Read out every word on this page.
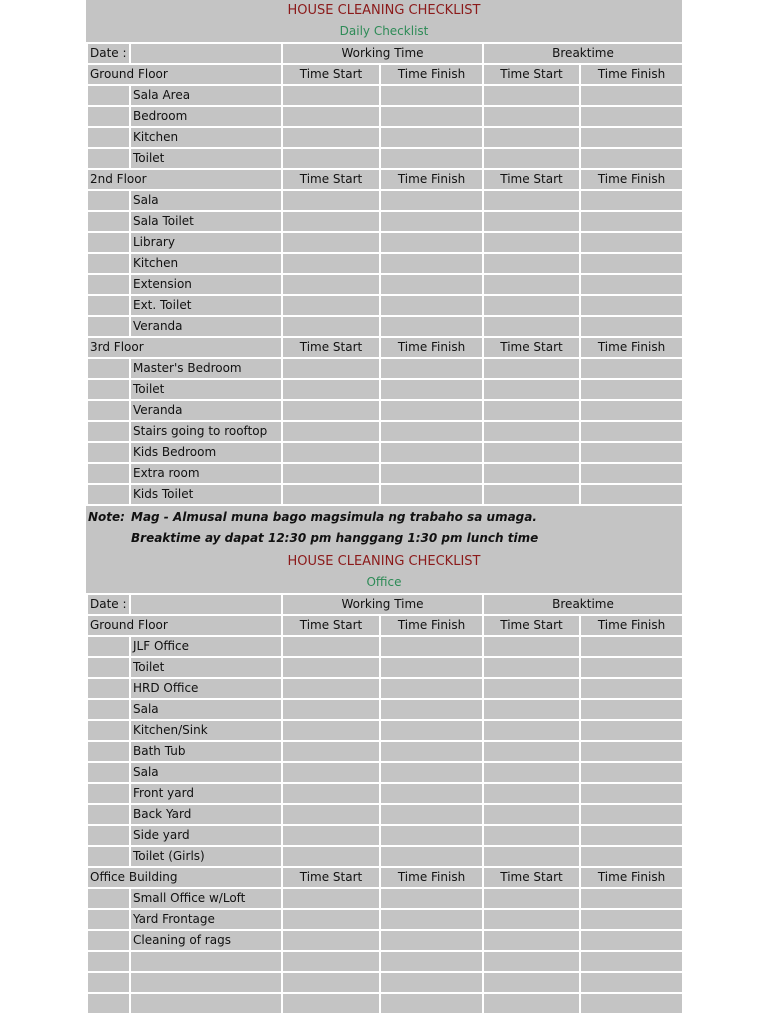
HOUSE CLEANING CHECKLIST
Daily Checklist
Date :		Working Time		Breaktime	
Ground Floor		Time Start	Time Finish	Time Start	Time Finish
	Sala Area				
	Bedroom				
	Kitchen				
	Toilet				
2nd Floor		Time Start	Time Finish	Time Start	Time Finish
	Sala				
	Sala Toilet				
	Library				
	Kitchen				
	Extension				
	Ext. Toilet				
	Veranda				
3rd Floor		Time Start	Time Finish	Time Start	Time Finish
	Master's Bedroom				
	Toilet				
	Veranda				
	Stairs going to rooftop				
	Kids Bedroom				
	Extra room				
	Kids Toilet				
Note: Mag - Almusal muna bago magsimula ng trabaho sa umaga.
Breaktime ay dapat 12:30 pm hanggang 1:30 pm lunch time
HOUSE CLEANING CHECKLIST
Office
Date :		Working Time		Breaktime	
Ground Floor		Time Start	Time Finish	Time Start	Time Finish
	JLF Office				
	Toilet				
	HRD Office				
	Sala				
	Kitchen/Sink				
	Bath Tub				
	Sala				
	Front yard				
	Back Yard				
	Side yard				
	Toilet (Girls)				
Office Building		Time Start	Time Finish	Time Start	Time Finish
	Small Office w/Loft				
	Yard Frontage				
	Cleaning of rags				
